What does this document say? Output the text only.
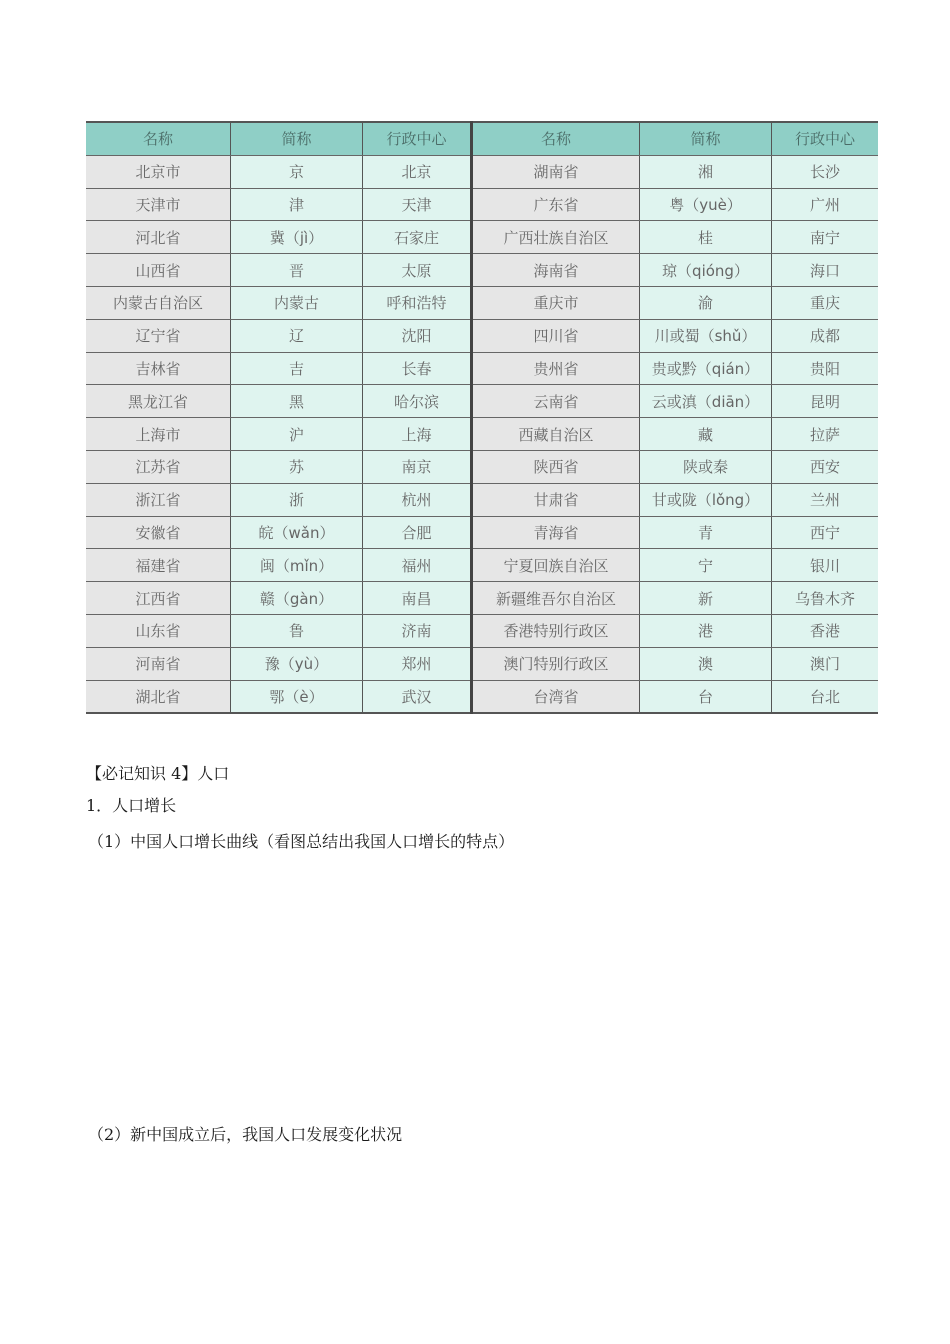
名称	简称	行政中心	名称	简称	行政中心
北京市	京	北京	湖南省	湘	长沙
天津市	津	天津	广东省	粤（yuè）	广州
河北省	冀（jì）	石家庄	广西壮族自治区	桂	南宁
山西省	晋	太原	海南省	琼（qióng）	海口
内蒙古自治区	内蒙古	呼和浩特	重庆市	渝	重庆
辽宁省	辽	沈阳	四川省	川或蜀（shǔ）	成都
吉林省	吉	长春	贵州省	贵或黔（qián）	贵阳
黑龙江省	黑	哈尔滨	云南省	云或滇（diān）	昆明
上海市	沪	上海	西藏自治区	藏	拉萨
江苏省	苏	南京	陕西省	陕或秦	西安
浙江省	浙	杭州	甘肃省	甘或陇（lǒng）	兰州
安徽省	皖（wǎn）	合肥	青海省	青	西宁
福建省	闽（mǐn）	福州	宁夏回族自治区	宁	银川
江西省	赣（gàn）	南昌	新疆维吾尔自治区	新	乌鲁木齐
山东省	鲁	济南	香港特别行政区	港	香港
河南省	豫（yù）	郑州	澳门特别行政区	澳	澳门
湖北省	鄂（è）	武汉	台湾省	台	台北
【必记知识 4】人口
1．人口增长
（1）中国人口增长曲线（看图总结出我国人口增长的特点）
（2）新中国成立后，我国人口发展变化状况
